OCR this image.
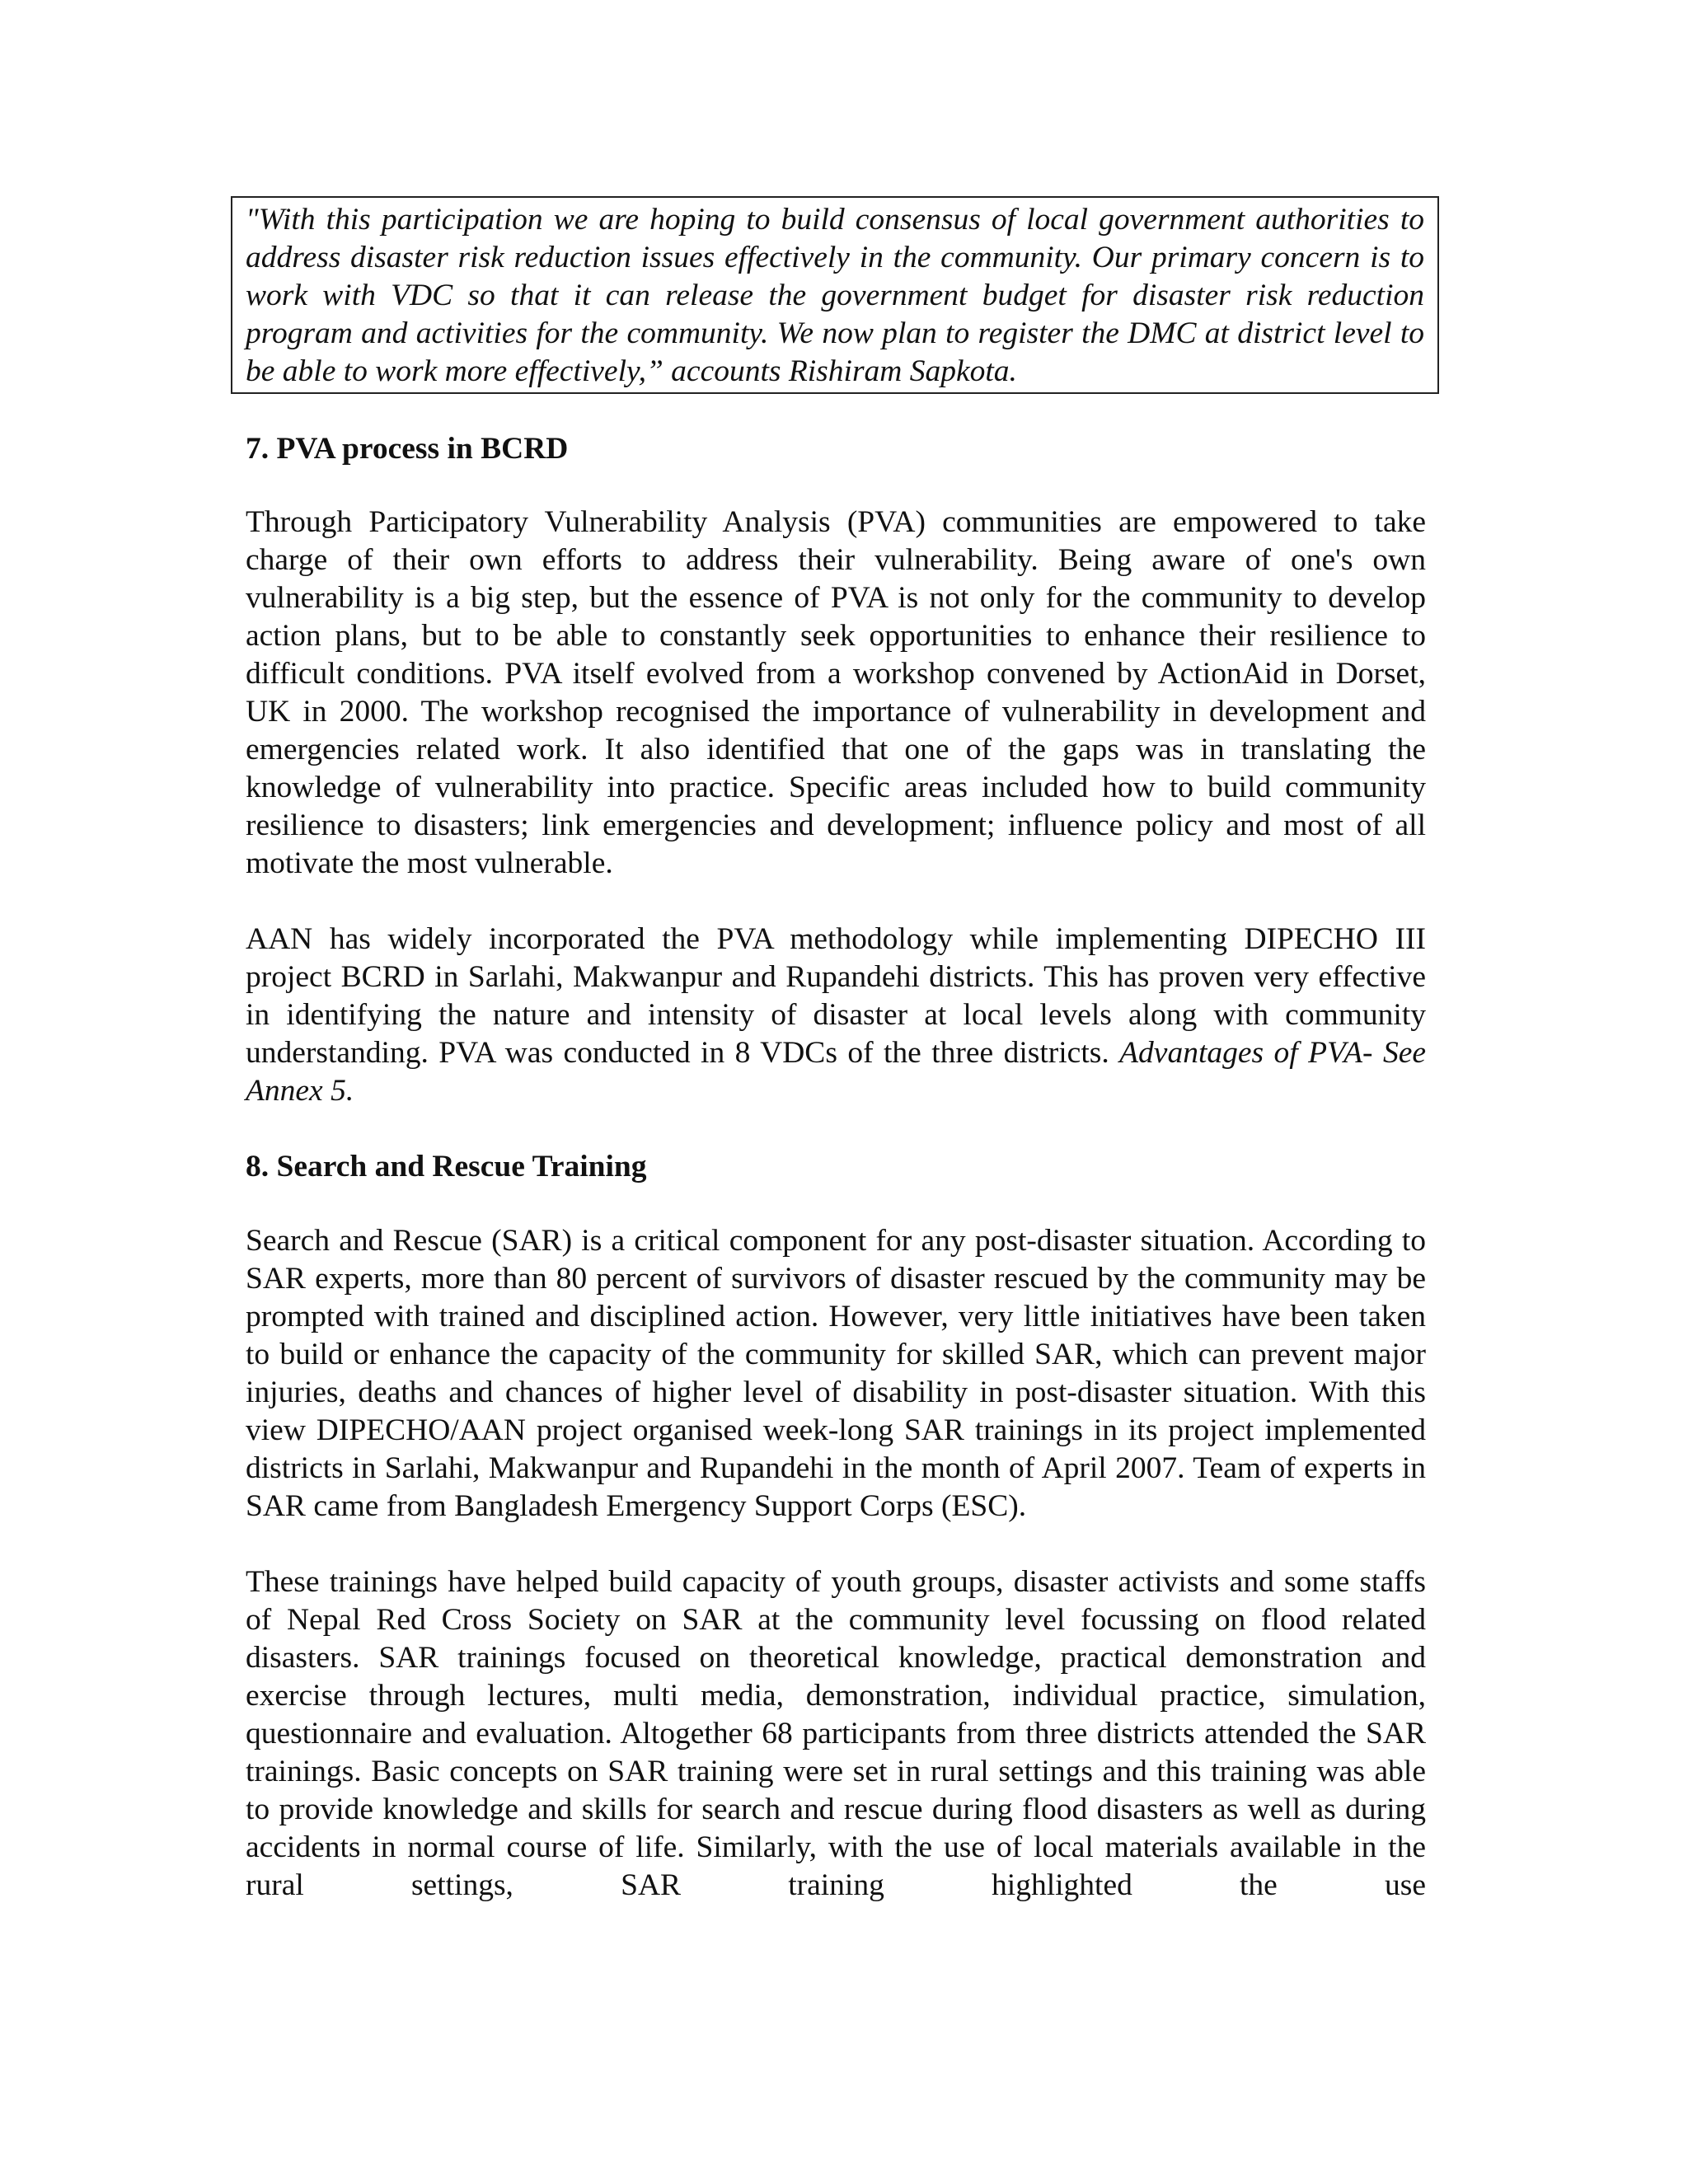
"With this participation we are hoping to build consensus of local government authorities to address disaster risk reduction issues effectively in the community. Our primary concern is to work with VDC so that it can release the government budget for disaster risk reduction program and activities for the community. We now plan to register the DMC at district level to be able to work more effectively,” accounts Rishiram Sapkota.
7. PVA process in BCRD

Through Participatory Vulnerability Analysis (PVA) communities are empowered to take charge of their own efforts to address their vulnerability. Being aware of one's own vulnerability is a big step, but the essence of PVA is not only for the community to develop action plans, but to be able to constantly seek opportunities to enhance their resilience to difficult conditions. PVA itself evolved from a workshop convened by ActionAid in Dorset, UK in 2000. The workshop recognised the importance of vulnerability in development and emergencies related work. It also identified that one of the gaps was in translating the knowledge of vulnerability into practice. Specific areas included how to build community resilience to disasters; link emergencies and development; influence policy and most of all motivate the most vulnerable.

AAN has widely incorporated the PVA methodology while implementing DIPECHO III project BCRD in Sarlahi, Makwanpur and Rupandehi districts. This has proven very effective in identifying the nature and intensity of disaster at local levels along with community understanding. PVA was conducted in 8 VDCs of the three districts. Advantages of PVA- See Annex 5.

8. Search and Rescue Training

Search and Rescue (SAR) is a critical component for any post-disaster situation. According to SAR experts, more than 80 percent of survivors of disaster rescued by the community may be prompted with trained and disciplined action. However, very little initiatives have been taken to build or enhance the capacity of the community for skilled SAR, which can prevent major injuries, deaths and chances of higher level of disability in post-disaster situation. With this view DIPECHO/AAN project organised week-long SAR trainings in its project implemented districts in Sarlahi, Makwanpur and Rupandehi in the month of April 2007. Team of experts in SAR came from Bangladesh Emergency Support Corps (ESC).

These trainings have helped build capacity of youth groups, disaster activists and some staffs of Nepal Red Cross Society on SAR at the community level focussing on flood related disasters. SAR trainings focused on theoretical knowledge, practical demonstration and exercise through lectures, multi media, demonstration, individual practice, simulation, questionnaire and evaluation. Altogether 68 participants from three districts attended the SAR trainings. Basic concepts on SAR training were set in rural settings and this training was able to provide knowledge and skills for search and rescue during flood disasters as well as during accidents in normal course of life. Similarly, with the use of local materials available in the rural settings, SAR training highlighted the use
